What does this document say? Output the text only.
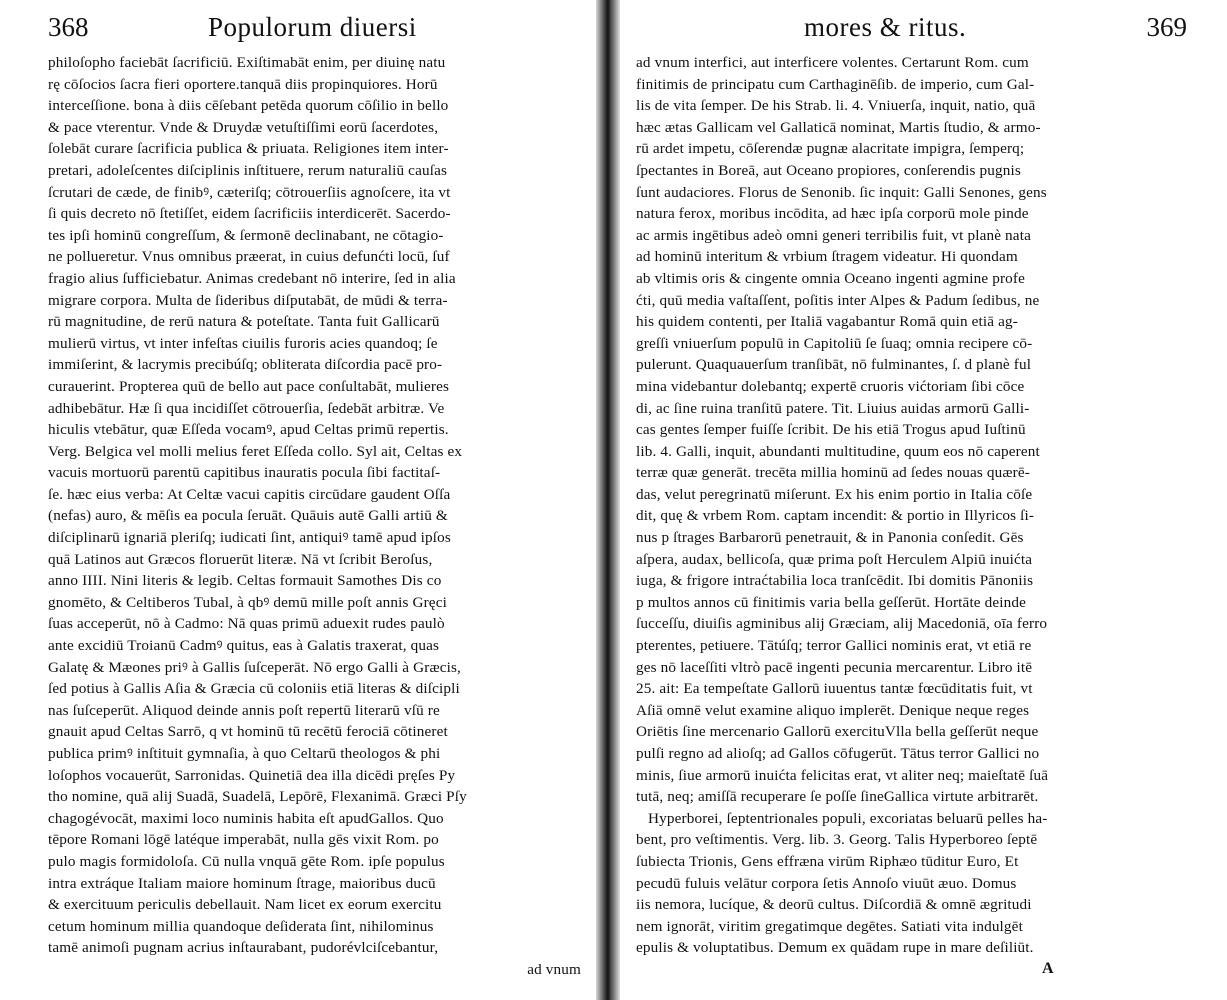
368	Populorum diuersi
philoſopho faciebāt ſacrificiū. Exiſtimabāt enim, per diuinę natu
rę cōſocios ſacra fieri oportere.tanquā diis propinquiores. Horū
interceſſione. bona à diis cēſebant petēda quorum cōſilio in bello
& pace vterentur. Vnde & Druydæ vetuſtiſſimi eorū ſacerdotes,
ſolebāt curare ſacrificia publica & priuata. Religiones item inter-
pretari, adoleſcentes diſciplinis inſtituere, rerum naturaliū cauſas
ſcrutari de cæde, de finibꝰ, cæteriſq; cōtrouerſiis agnoſcere, ita vt
ſi quis decreto nō ſtetiſſet, eidem ſacrificiis interdicerēt. Sacerdo-
tes ipſi hominū congreſſum, & ſermonē declinabant, ne cōtagio-
ne pollueretur. Vnus omnibus præerat, in cuius defunćti locū, ſuf
fragio alius ſufficiebatur. Animas credebant nō interire, ſed in alia
migrare corpora. Multa de ſideribus diſputabāt, de mūdi & terra-
rū magnitudine, de rerū natura & poteſtate. Tanta fuit Gallicarū
mulierū virtus, vt inter infeſtas ciuilis furoris acies quandoq; ſe
immiſerint, & lacrymis precibúſq; obliterata diſcordia pacē pro-
curauerint. Propterea quū de bello aut pace conſultabāt, mulieres
adhibebātur. Hæ ſi qua incidiſſet cōtrouerſia, ſedebāt arbitræ. Ve
hiculis vtebātur, quæ Eſſeda vocamꝰ, apud Celtas primū repertis.
Verg. Belgica vel molli melius feret Eſſeda collo. Syl ait, Celtas ex
vacuis mortuorū parentū capitibus inauratis pocula ſibi factitaſ-
ſe. hæc eius verba: At Celtæ vacui capitis circūdare gaudent Oſſa
(nefas) auro, & mēſis ea pocula ſeruāt. Quāuis autē Galli artiū &
diſciplinarū ignariā pleriſq; iudicati ſint, antiquiꝰ tamē apud ipſos
quā Latinos aut Græcos floruerūt literæ. Nā vt ſcribit Beroſus,
anno IIII. Nini literis & legib. Celtas formauit Samothes Dis co
gnomēto, & Celtiberos Tubal, à qbꝰ demū mille poſt annis Gręci
ſuas acceperūt, nō à Cadmo: Nā quas primū aduexit rudes paulò
ante excidiū Troianū Cadmꝰ quitus, eas à Galatis traxerat, quas
Galatę & Mæones priꝰ à Gallis ſuſceperāt. Nō ergo Galli à Græcis,
ſed potius à Gallis Aſia & Græcia cū coloniis etiā literas & diſcipli
nas ſuſceperūt. Aliquod deinde annis poſt repertū literarū vſū re
gnauit apud Celtas Sarrō, q vt hominū tū recētū ferociā cōtineret
publica primꝰ inſtituit gymnaſia, à quo Celtarū theologos & phi
loſophos vocauerūt, Sarronidas. Quinetiā dea illa dicēdi pręſes Py
tho nomine, quā alij Suadā, Suadelā, Lepōrē, Flexanimā. Græci Pſy
chagogévocāt, maximi loco numinis habita eſt apudGallos. Quo
tēpore Romani lōgē latéque imperabāt, nulla gēs vixit Rom. po
pulo magis formidoloſa. Cū nulla vnquā gēte Rom. ipſe populus
intra extráque Italiam maiore hominum ſtrage, maioribus ducū
& exercituum periculis debellauit. Nam licet ex eorum exercitu
cetum hominum millia quandoque deſiderata ſint, nihilominus
tamē animoſi pugnam acrius inſtaurabant, pudorévlciſcebantur,
ad vnum
mores & ritus.	369
ad vnum interfici, aut interficere volentes. Certarunt Rom. cum
finitimis de principatu cum Carthaginēſib. de imperio, cum Gal-
lis de vita ſemper. De his Strab. li. 4. Vniuerſa, inquit, natio, quā
hæc ætas Gallicam vel Gallaticā nominat, Martis ſtudio, & armo-
rū ardet impetu, cōſerendæ pugnæ alacritate impigra, ſemperq;
ſpectantes in Boreā, aut Oceano propiores, conſerendis pugnis
ſunt audaciores. Florus de Senonib. ſic inquit: Galli Senones, gens
natura ferox, moribus incōdita, ad hæc ipſa corporū mole pinde
ac armis ingētibus adeò omni generi terribilis fuit, vt planè nata
ad hominū interitum & vrbium ſtragem videatur. Hi quondam
ab vltimis oris & cingente omnia Oceano ingenti agmine profe
ćti, quū media vaſtaſſent, poſitis inter Alpes & Padum ſedibus, ne
his quidem contenti, per Italiā vagabantur Romā quin etiā ag-
greſſi vniuerſum populū in Capitoliū ſe ſuaq; omnia recipere cō-
pulerunt. Quaquauerſum tranſibāt, nō fulminantes, ſ. d planè ful
mina videbantur dolebantq; expertē cruoris vićtoriam ſibi cōce
di, ac ſine ruina tranſitū patere. Tit. Liuius auidas armorū Galli-
cas gentes ſemper fuiſſe ſcribit. De his etiā Trogus apud Iuſtinū
lib. 4. Galli, inquit, abundanti multitudine, quum eos nō caperent
terræ quæ generāt. trecēta millia hominū ad ſedes nouas quærē-
das, velut peregrinatū miſerunt. Ex his enim portio in Italia cōſe
dit, quę & vrbem Rom. captam incendit: & portio in Illyricos ſi-
nus p ſtrages Barbarorū penetrauit, & in Panonia conſedit. Gēs
aſpera, audax, bellicoſa, quæ prima poſt Herculem Alpiū inuićta
iuga, & frigore intraćtabilia loca tranſcēdit. Ibi domitis Pānoniis
p multos annos cū finitimis varia bella geſſerūt. Hortāte deinde
ſucceſſu, diuiſis agminibus alij Græciam, alij Macedoniā, oīa ferro
pterentes, petiuere. Tātúſq; terror Gallici nominis erat, vt etiā re
ges nō laceſſiti vltrò pacē ingenti pecunia mercarentur. Libro itē
25. ait: Ea tempeſtate Gallorū iuuentus tantæ fœcūditatis fuit, vt
Aſiā omnē velut examine aliquo implerēt. Denique neque reges
Oriētis ſine mercenario Gallorū exercituVlla bella geſſerūt neque
pulſi regno ad alioſq; ad Gallos cōfugerūt. Tātus terror Gallici no
minis, ſiue armorū inuićta felicitas erat, vt aliter neq; maieſtatē ſuā
tutā, neq; amiſſā recuperare ſe poſſe ſineGallica virtute arbitrarēt.
Hyperborei, ſeptentrionales populi, excoriatas beluarū pelles ha-
bent, pro veſtimentis. Verg. lib. 3. Georg. Talis Hyperboreo ſeptē
ſubiecta Trionis, Gens effræna virūm Riphæo tūditur Euro, Et
pecudū fuluis velātur corpora ſetis Annoſo viuūt æuo. Domus
iis nemora, lucíque, & deorū cultus. Diſcordiā & omnē ægritudi
nem ignorāt, viritim gregatimque degētes. Satiati vita indulgēt
epulis & voluptatibus. Demum ex quādam rupe in mare deſiliūt.
A
